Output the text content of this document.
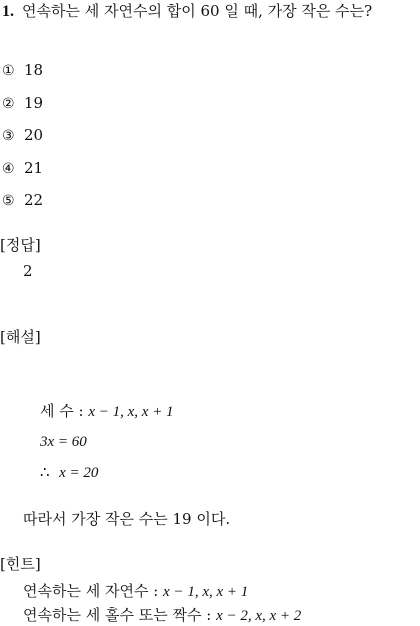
1. 연속하는 세 자연수의 합이 60 일 때, 가장 작은 수는?
① 18
② 19
③ 20
④ 21
⑤ 22
[정답]
2
[해설]
세 수 : x − 1, x, x + 1
3x = 60
∴ x = 20
따라서 가장 작은 수는 19 이다.
[힌트]
연속하는 세 자연수 : x − 1, x, x + 1
연속하는 세 홀수 또는 짝수 : x − 2, x, x + 2
